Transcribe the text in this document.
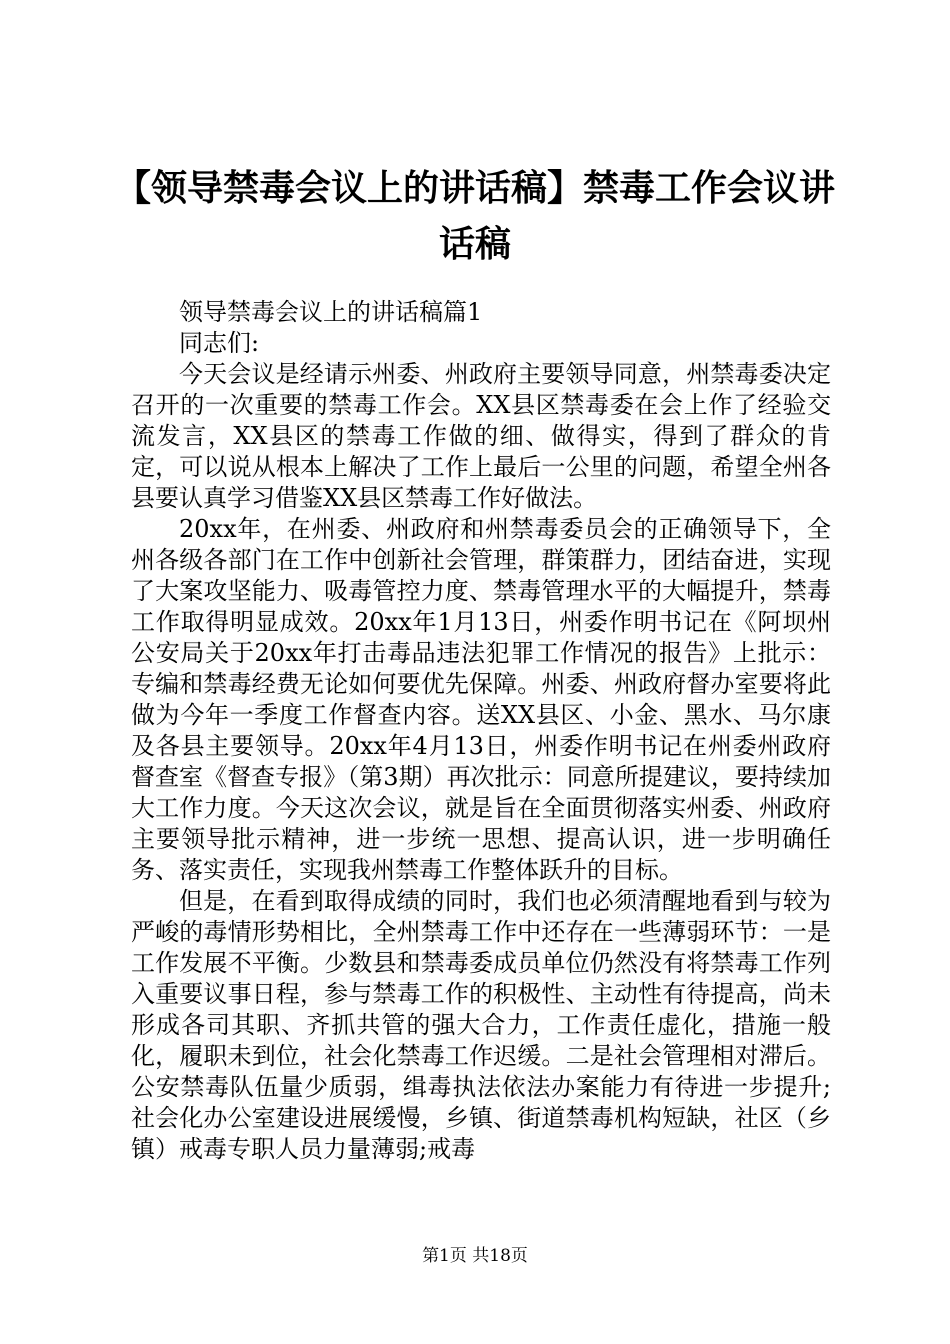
【领导禁毒会议上的讲话稿】禁毒工作会议讲话稿

领导禁毒会议上的讲话稿篇1

同志们:

今天会议是经请示州委、州政府主要领导同意，州禁毒委决定召开的一次重要的禁毒工作会。XX县区禁毒委在会上作了经验交流发言，XX县区的禁毒工作做的细、做得实，得到了群众的肯定，可以说从根本上解决了工作上最后一公里的问题，希望全州各县要认真学习借鉴XX县区禁毒工作好做法。

20xx年，在州委、州政府和州禁毒委员会的正确领导下，全州各级各部门在工作中创新社会管理，群策群力，团结奋进，实现了大案攻坚能力、吸毒管控力度、禁毒管理水平的大幅提升，禁毒工作取得明显成效。20xx年1月13日，州委作明书记在《阿坝州公安局关于20xx年打击毒品违法犯罪工作情况的报告》上批示：专编和禁毒经费无论如何要优先保障。州委、州政府督办室要将此做为今年一季度工作督查内容。送XX县区、小金、黑水、马尔康及各县主要领导。20xx年4月13日，州委作明书记在州委州政府督查室《督查专报》（第3期）再次批示：同意所提建议，要持续加大工作力度。今天这次会议，就是旨在全面贯彻落实州委、州政府主要领导批示精神，进一步统一思想、提高认识，进一步明确任务、落实责任，实现我州禁毒工作整体跃升的目标。

但是，在看到取得成绩的同时，我们也必须清醒地看到与较为严峻的毒情形势相比，全州禁毒工作中还存在一些薄弱环节：一是工作发展不平衡。少数县和禁毒委成员单位仍然没有将禁毒工作列入重要议事日程，参与禁毒工作的积极性、主动性有待提高，尚未形成各司其职、齐抓共管的强大合力，工作责任虚化，措施一般化，履职未到位，社会化禁毒工作迟缓。二是社会管理相对滞后。公安禁毒队伍量少质弱，缉毒执法依法办案能力有待进一步提升;社会化办公室建设进展缓慢，乡镇、街道禁毒机构短缺，社区（乡镇）戒毒专职人员力量薄弱;戒毒

第1页 共18页
